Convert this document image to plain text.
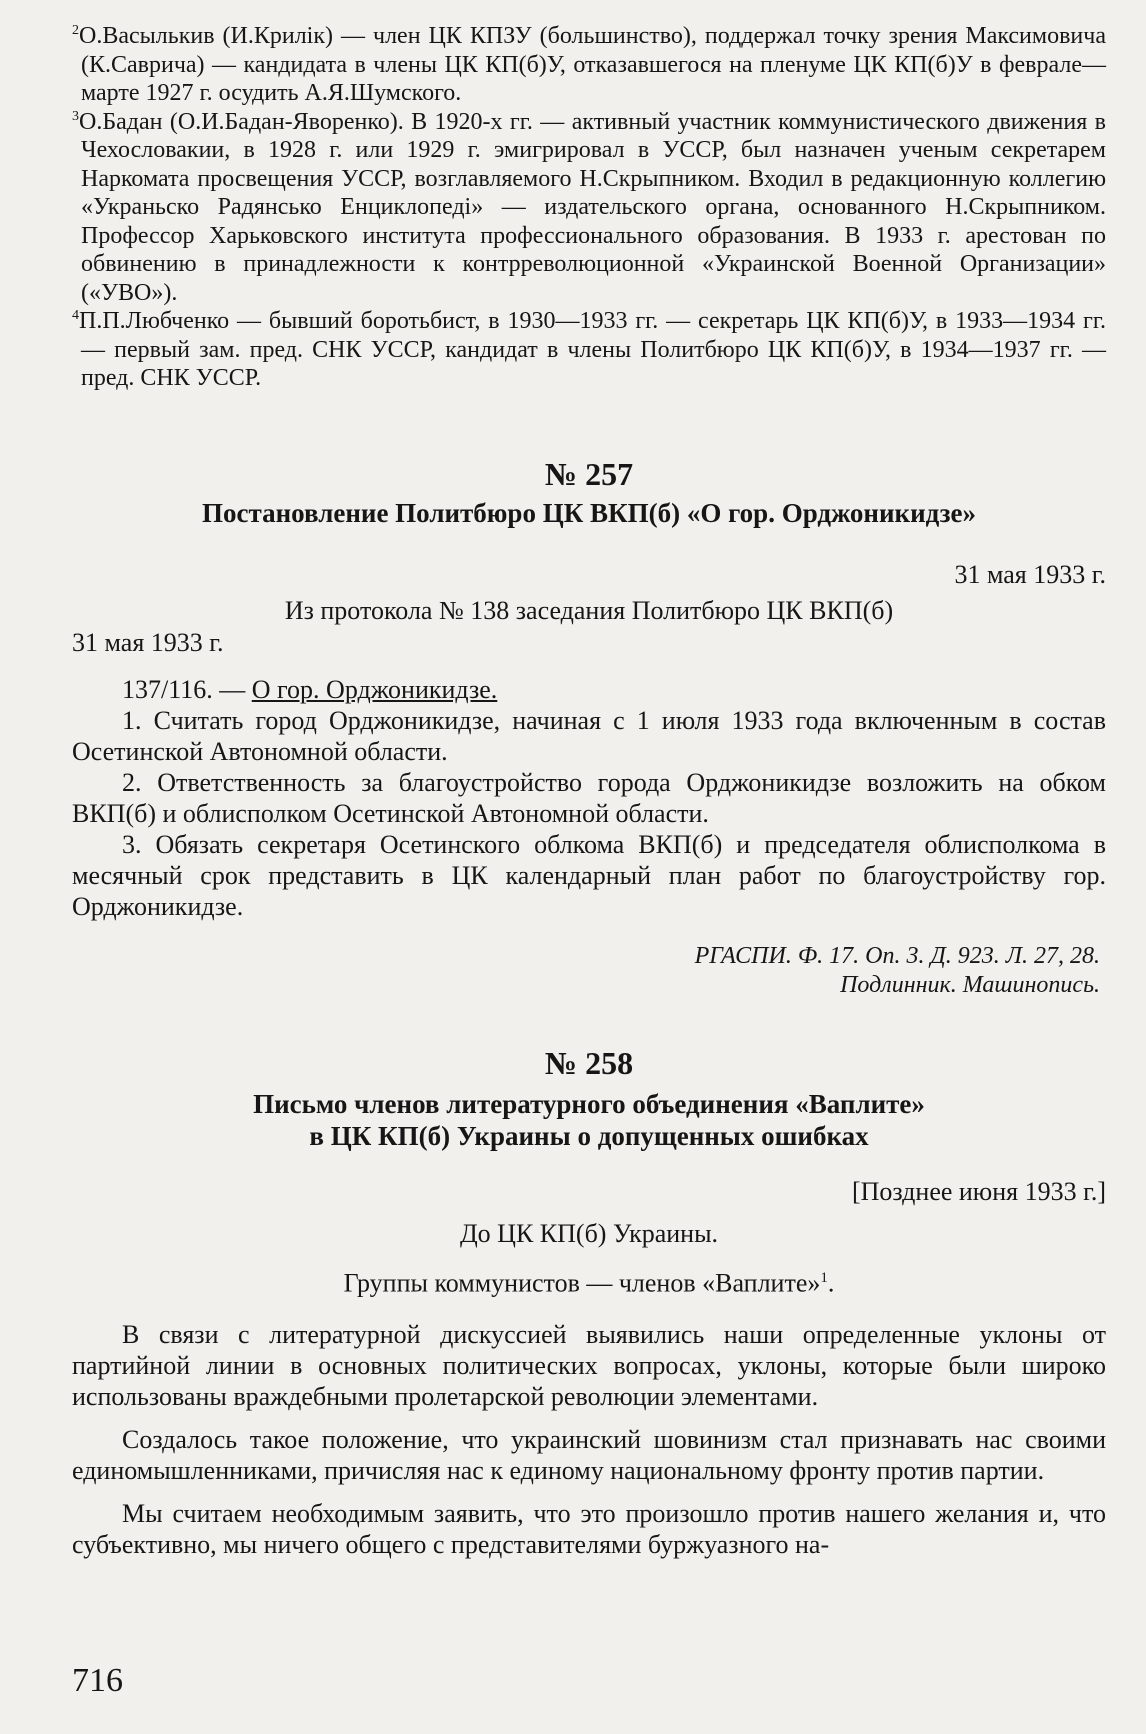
$^2$О.Васылькив (И.Крилік) — член ЦК КПЗУ (большинство), поддержал точку зрения Максимовича (К.Саврича) — кандидата в члены ЦК КП(б)У, отказавшегося на пленуме ЦК КП(б)У в феврале—марте 1927 г. осудить А.Я.Шумского.

$^3$О.Бадан (О.И.Бадан-Яворенко). В 1920-х гг. — активный участник коммунистического движения в Чехословакии, в 1928 г. или 1929 г. эмигрировал в УССР, был назначен ученым секретарем Наркомата просвещения УССР, возглавляемого Н.Скрыпником. Входил в редакционную коллегию «Украньско Радянсько Енциклопеді» — издательского органа, основанного Н.Скрыпником. Профессор Харьковского института профессионального образования. В 1933 г. арестован по обвинению в принадлежности к контрреволюционной «Украинской Военной Организации» («УВО»).

$^4$П.П.Любченко — бывший боротьбист, в 1930—1933 гг. — секретарь ЦК КП(б)У, в 1933—1934 гг. — первый зам. пред. СНК УССР, кандидат в члены Политбюро ЦК КП(б)У, в 1934—1937 гг. — пред. СНК УССР.

№ 257

Постановление Политбюро ЦК ВКП(б) «О гор. Орджоникидзе»

31 мая 1933 г.

Из протокола № 138 заседания Политбюро ЦК ВКП(б)

31 мая 1933 г.

137/116. — О гор. Орджоникидзе.

1. Считать город Орджоникидзе, начиная с 1 июля 1933 года включенным в состав Осетинской Автономной области.

2. Ответственность за благоустройство города Орджоникидзе возложить на обком ВКП(б) и облисполком Осетинской Автономной области.

3. Обязать секретаря Осетинского облкома ВКП(б) и председателя облисполкома в месячный срок представить в ЦК календарный план работ по благоустройству гор. Орджоникидзе.

РГАСПИ. Ф. 17. Оп. 3. Д. 923. Л. 27, 28.

Подлинник. Машинопись.

№ 258

Письмо членов литературного объединения «Ваплите»

в ЦК КП(б) Украины о допущенных ошибках

[Позднее июня 1933 г.]

До ЦК КП(б) Украины.

Группы коммунистов — членов «Ваплите»$^1$.

В связи с литературной дискуссией выявились наши определенные уклоны от партийной линии в основных политических вопросах, уклоны, которые были широко использованы враждебными пролетарской революции элементами.

Создалось такое положение, что украинский шовинизм стал признавать нас своими единомышленниками, причисляя нас к единому национальному фронту против партии.

Мы считаем необходимым заявить, что это произошло против нашего желания и, что субъективно, мы ничего общего с представителями буржуазного на-

716
